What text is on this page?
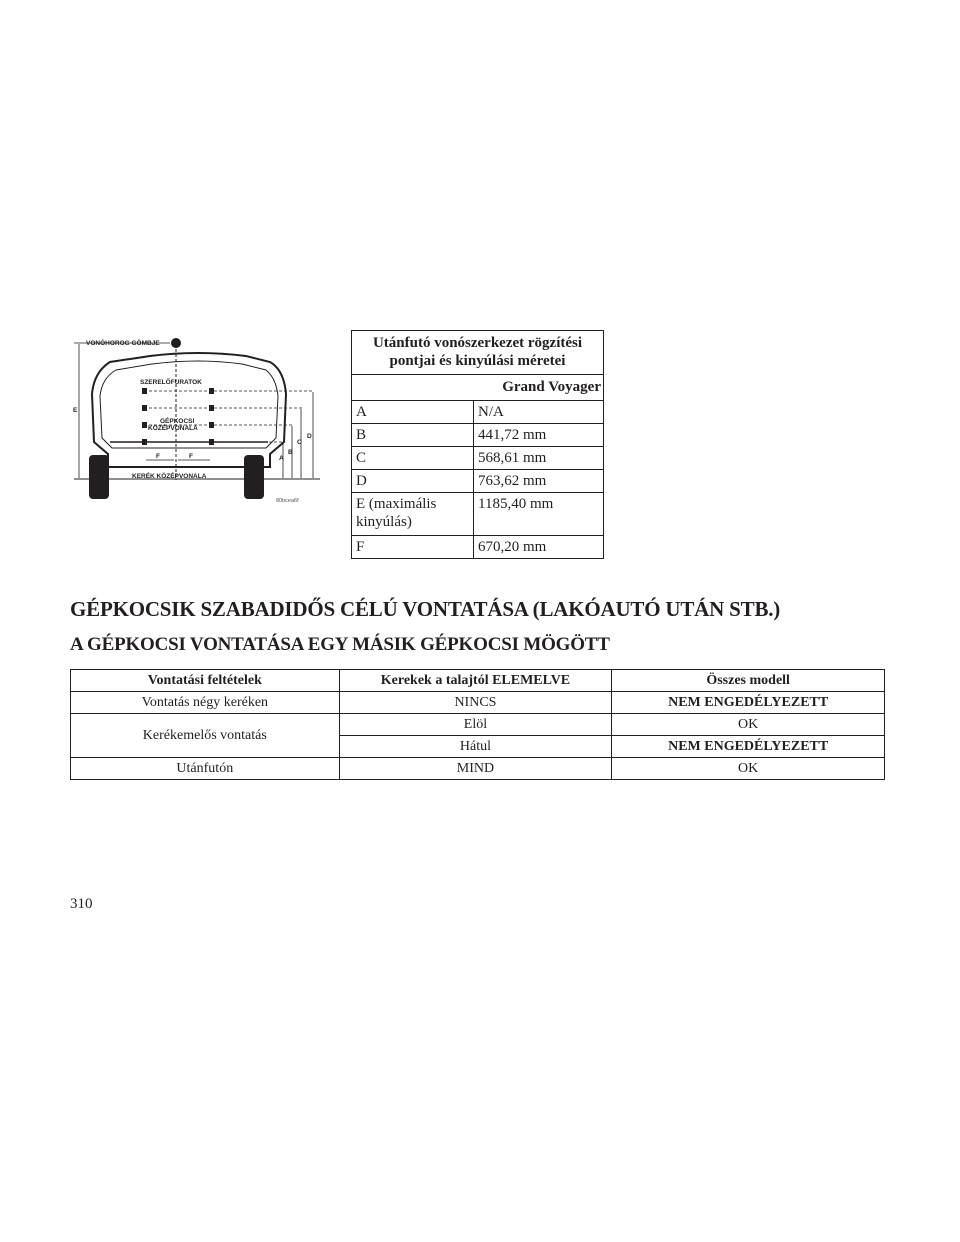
VONÓHOROG GÖMBJE
SZERELŐFURATOK
GÉPKOCSI
KÖZÉPVONALA
KERÉK KÖZÉPVONALA
A
B
C
D
E
F	F
80bcea6f
Utánfutó vonószerkezet rögzítési
pontjai és kinyúlási méretei	
	Grand Voyager
A	N/A
B	441,72 mm
C	568,61 mm
D	763,62 mm
E (maximális
kinyúlás)	1185,40 mm
F	670,20 mm
GÉPKOCSIK SZABADIDŐS CÉLÚ VONTATÁSA (LAKÓAUTÓ UTÁN STB.)
A GÉPKOCSI VONTATÁSA EGY MÁSIK GÉPKOCSI MÖGÖTT
Vontatási feltételek	Kerekek a talajtól ELEMELVE	Összes modell
Vontatás négy keréken	NINCS	NEM ENGEDÉLYEZETT
Kerékemelős vontatás	Elöl	OK
	Hátul	NEM ENGEDÉLYEZETT
Utánfutón	MIND	OK
310
